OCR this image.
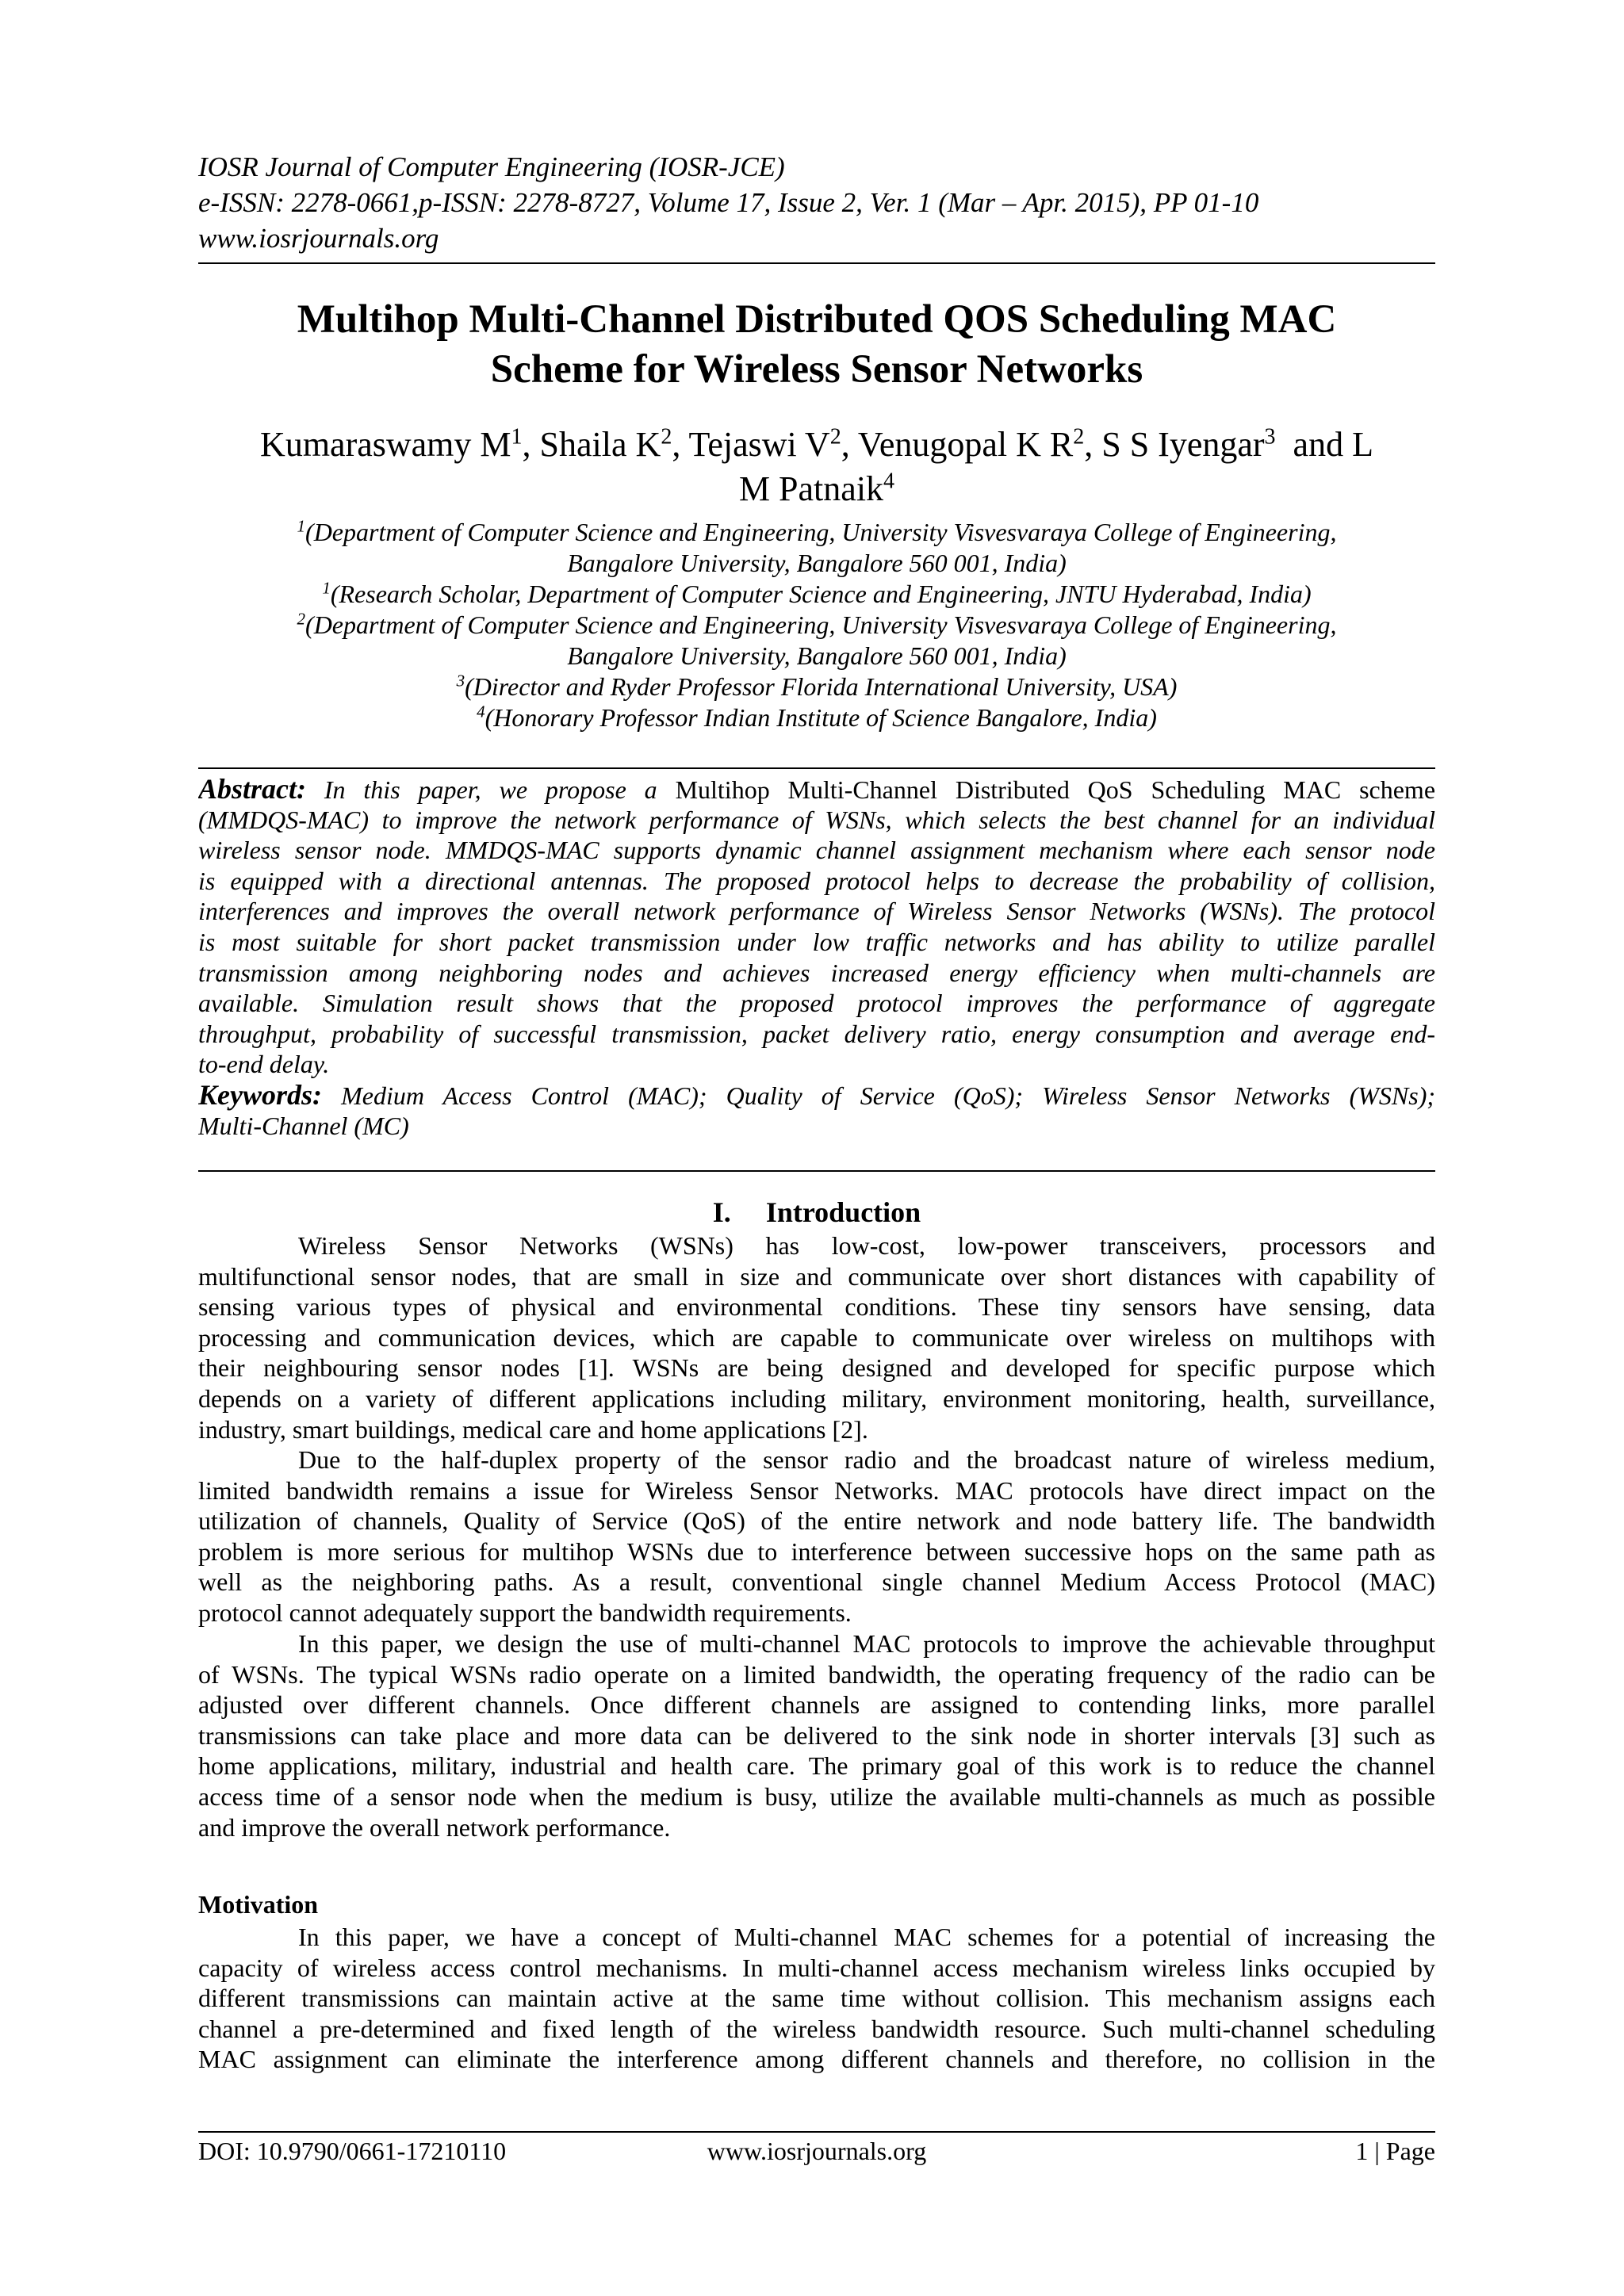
IOSR Journal of Computer Engineering (IOSR-JCE)
e-ISSN: 2278-0661,p-ISSN: 2278-8727, Volume 17, Issue 2, Ver. 1 (Mar – Apr. 2015), PP 01-10
www.iosrjournals.org
Multihop Multi-Channel Distributed QOS Scheduling MAC
Scheme for Wireless Sensor Networks
Kumaraswamy $M^1$, Shaila $K^2$, Tejaswi $V^2$, Venugopal K $R^2$, S S Iyengar$^3$  and L
M Patnaik$^4$
$^1$(Department of Computer Science and Engineering, University Visvesvaraya College of Engineering,
Bangalore University, Bangalore 560 001, India)
$^1$(Research Scholar, Department of Computer Science and Engineering, JNTU Hyderabad, India)
$^2$(Department of Computer Science and Engineering, University Visvesvaraya College of Engineering,
Bangalore University, Bangalore 560 001, India)
$^3$(Director and Ryder Professor Florida International University, USA)
$^4$(Honorary Professor Indian Institute of Science Bangalore, India)
Abstract: In this paper, we propose a Multihop Multi-Channel Distributed QoS Scheduling MAC scheme
(MMDQS-MAC) to improve the network performance of WSNs, which selects the best channel for an individual
wireless sensor node. MMDQS-MAC supports dynamic channel assignment mechanism where each sensor node
is equipped with a directional antennas. The proposed protocol helps to decrease the probability of collision,
interferences and improves the overall network performance of Wireless Sensor Networks (WSNs). The protocol
is most suitable for short packet transmission under low traffic networks and has ability to utilize parallel
transmission among neighboring nodes and achieves increased energy efficiency when multi-channels are
available. Simulation result shows that the proposed protocol improves the performance of aggregate
throughput, probability of successful transmission, packet delivery ratio, energy consumption and average end-
to-end delay.
Keywords: Medium Access Control (MAC); Quality of Service (QoS); Wireless Sensor Networks (WSNs);
Multi-Channel (MC)
I. Introduction
Wireless Sensor Networks (WSNs) has low-cost, low-power transceivers, processors and
multifunctional sensor nodes, that are small in size and communicate over short distances with capability of
sensing various types of physical and environmental conditions. These tiny sensors have sensing, data
processing and communication devices, which are capable to communicate over wireless on multihops with
their neighbouring sensor nodes [1]. WSNs are being designed and developed for specific purpose which
depends on a variety of different applications including military, environment monitoring, health, surveillance,
industry, smart buildings, medical care and home applications [2].
Due to the half-duplex property of the sensor radio and the broadcast nature of wireless medium,
limited bandwidth remains a issue for Wireless Sensor Networks. MAC protocols have direct impact on the
utilization of channels, Quality of Service (QoS) of the entire network and node battery life. The bandwidth
problem is more serious for multihop WSNs due to interference between successive hops on the same path as
well as the neighboring paths. As a result, conventional single channel Medium Access Protocol (MAC)
protocol cannot adequately support the bandwidth requirements.
In this paper, we design the use of multi-channel MAC protocols to improve the achievable throughput
of WSNs. The typical WSNs radio operate on a limited bandwidth, the operating frequency of the radio can be
adjusted over different channels. Once different channels are assigned to contending links, more parallel
transmissions can take place and more data can be delivered to the sink node in shorter intervals [3] such as
home applications, military, industrial and health care. The primary goal of this work is to reduce the channel
access time of a sensor node when the medium is busy, utilize the available multi-channels as much as possible
and improve the overall network performance.
Motivation
In this paper, we have a concept of Multi-channel MAC schemes for a potential of increasing the
capacity of wireless access control mechanisms. In multi-channel access mechanism wireless links occupied by
different transmissions can maintain active at the same time without collision. This mechanism assigns each
channel a pre-determined and fixed length of the wireless bandwidth resource. Such multi-channel scheduling
MAC assignment can eliminate the interference among different channels and therefore, no collision in the
DOI: 10.9790/0661-17210110	www.iosrjournals.org	1 | Page
